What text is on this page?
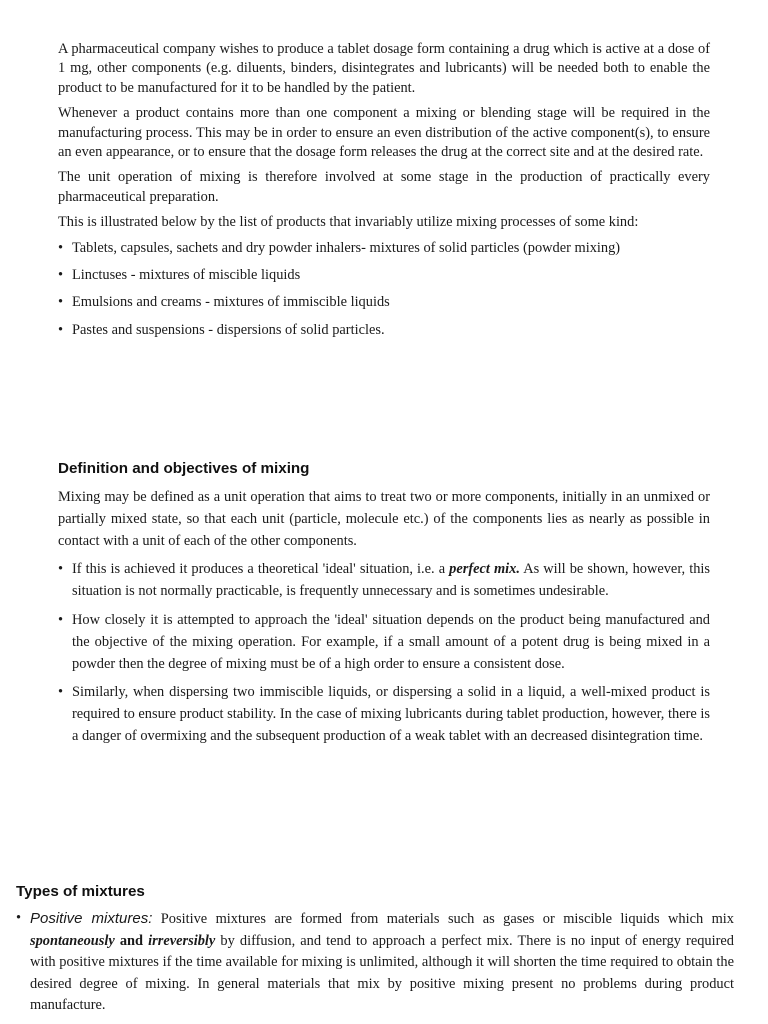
A pharmaceutical company wishes to produce a tablet dosage form containing a drug which is active at a dose of 1 mg, other components (e.g. diluents, binders, disintegrates and lubricants) will be needed both to enable the product to be manufactured for it to be handled by the patient.

Whenever a product contains more than one component a mixing or blending stage will be required in the manufacturing process. This may be in order to ensure an even distribution of the active component(s), to ensure an even appearance, or to ensure that the dosage form releases the drug at the correct site and at the desired rate.

The unit operation of mixing is therefore involved at some stage in the production of practically every pharmaceutical preparation.

This is illustrated below by the list of products that invariably utilize mixing processes of some kind:

• Tablets, capsules, sachets and dry powder inhalers- mixtures of solid particles (powder mixing)
• Linctuses - mixtures of miscible liquids
• Emulsions and creams - mixtures of immiscible liquids
• Pastes and suspensions - dispersions of solid particles.
Definition and objectives of mixing

Mixing may be defined as a unit operation that aims to treat two or more components, initially in an unmixed or partially mixed state, so that each unit (particle, molecule etc.) of the components lies as nearly as possible in contact with a unit of each of the other components.

• If this is achieved it produces a theoretical 'ideal' situation, i.e. a perfect mix. As will be shown, however, this situation is not normally practicable, is frequently unnecessary and is sometimes undesirable.
• How closely it is attempted to approach the 'ideal' situation depends on the product being manufactured and the objective of the mixing operation. For example, if a small amount of a potent drug is being mixed in a powder then the degree of mixing must be of a high order to ensure a consistent dose.
• Similarly, when dispersing two immiscible liquids, or dispersing a solid in a liquid, a well-mixed product is required to ensure product stability. In the case of mixing lubricants during tablet production, however, there is a danger of overmixing and the subsequent production of a weak tablet with an decreased disintegration time.
Types of mixtures
• Positive mixtures: Positive mixtures are formed from materials such as gases or miscible liquids which mix spontaneously and irreversibly by diffusion, and tend to approach a perfect mix. There is no input of energy required with positive mixtures if the time available for mixing is unlimited, although it will shorten the time required to obtain the desired degree of mixing. In general materials that mix by positive mixing present no problems during product manufacture.
